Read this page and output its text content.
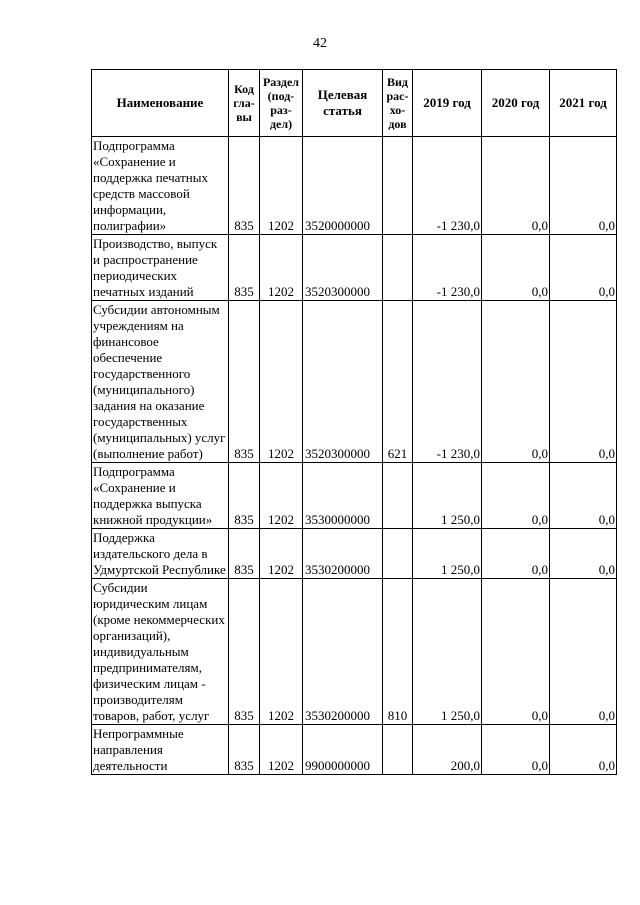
42
Наименование	Код гла- вы	Раздел (под- раз- дел)	Целевая статья	Вид рас- хо- дов	2019 год	2020 год	2021 год
Подпрограмма «Сохранение и поддержка печатных средств массовой информации, полиграфии»	835	1202	3520000000		-1 230,0	0,0	0,0
Производство, выпуск и распространение периодических печатных изданий	835	1202	3520300000		-1 230,0	0,0	0,0
Субсидии автономным учреждениям на финансовое обеспечение государственного (муниципального) задания на оказание государственных (муниципальных) услуг (выполнение работ)	835	1202	3520300000	621	-1 230,0	0,0	0,0
Подпрограмма «Сохранение и поддержка выпуска книжной продукции»	835	1202	3530000000		1 250,0	0,0	0,0
Поддержка издательского дела в Удмуртской Республике	835	1202	3530200000		1 250,0	0,0	0,0
Субсидии юридическим лицам (кроме некоммерческих организаций), индивидуальным предпринимателям, физическим лицам - производителям товаров, работ, услуг	835	1202	3530200000	810	1 250,0	0,0	0,0
Непрограммные направления деятельности	835	1202	9900000000		200,0	0,0	0,0
